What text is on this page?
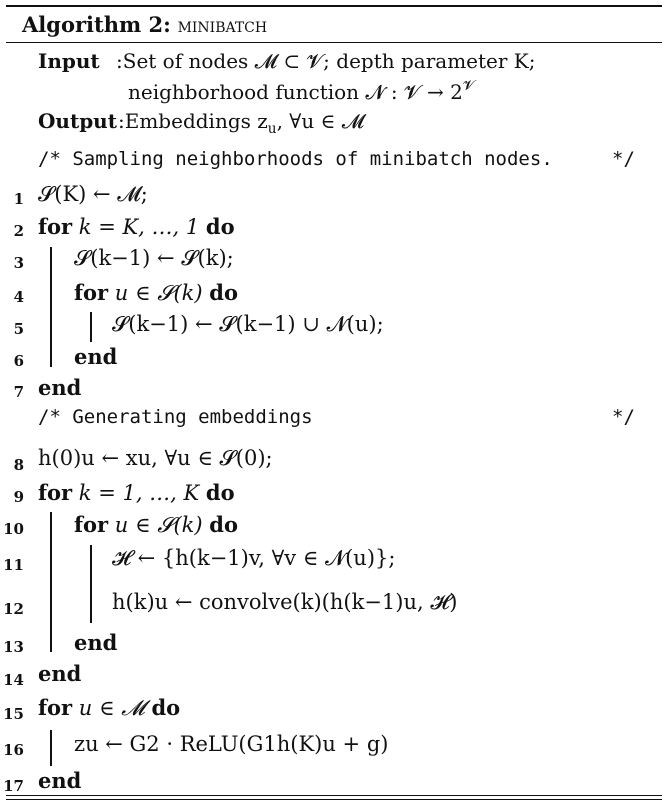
Algorithm 2: minibatch
Input :Set of nodes 𝓜 ⊂ 𝓥; depth parameter K;
neighborhood function 𝓝 : 𝓥 → $2^𝓥$
Output :Embeddings $z_u$, ∀u ∈ 𝓜
/* Sampling neighborhoods of minibatch nodes.	*/
1
2
3
4
5
6
7
8
9
10
11
12
13
14
15
16
17
𝓢(K) ← 𝓜;
for k = K, …, 1 do
𝓢(k−1) ← 𝓢(k);
for u ∈ 𝓢(k) do
𝓢(k−1) ← 𝓢(k−1) ∪ 𝓝(u);
end
end
/* Generating embeddings	*/
h(0)u ← xu, ∀u ∈ 𝓢(0);
for k = 1, …, K do
for u ∈ 𝓢(k) do
𝓗 ← {h(k−1)v, ∀v ∈ 𝓝(u)};
h(k)u ← convolve(k)(h(k−1)u, 𝓗)
end
end
for u ∈ 𝓜 do
zu ← G2 · ReLU(G1h(K)u + g)
end
